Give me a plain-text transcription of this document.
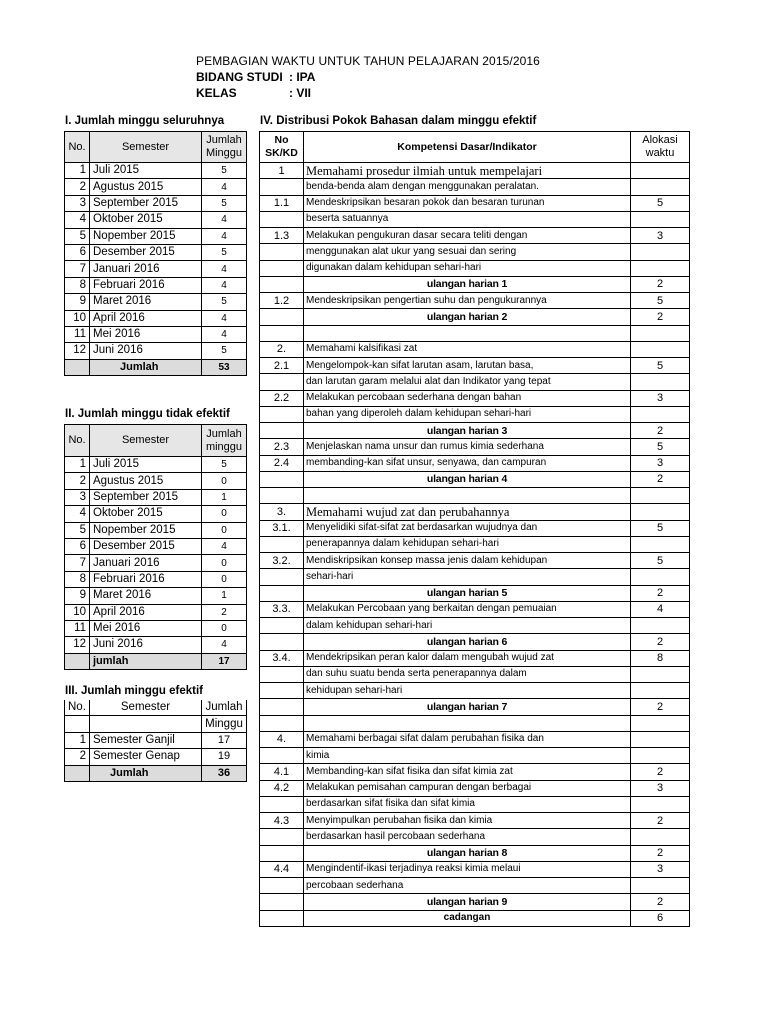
PEMBAGIAN WAKTU UNTUK TAHUN PELAJARAN 2015/2016
BIDANG STUDI : IPA
KELAS	: VII
I. Jumlah minggu seluruhnya
No.	Semester	Jumlah
Minggu
1	Juli 2015	5
2	Agustus 2015	4
3	September 2015	5
4	Oktober 2015	4
5	Nopember 2015	4
6	Desember 2015	5
7	Januari 2016	4
8	Februari 2016	4
9	Maret 2016	5
10	April 2016	4
11	Mei 2016	4
12	Juni 2016	5
	Jumlah	53
II. Jumlah minggu tidak efektif
No.	Semester	Jumlah
minggu
1	Juli 2015	5
2	Agustus 2015	0
3	September 2015	1
4	Oktober 2015	0
5	Nopember 2015	0
6	Desember 2015	4
7	Januari 2016	0
8	Februari 2016	0
9	Maret 2016	1
10	April 2016	2
11	Mei 2016	0
12	Juni 2016	4
	jumlah	17
III. Jumlah minggu efektif
No.	Semester	Jumlah
		Minggu
1	Semester Ganjil	17
2	Semester Genap	19
	Jumlah	36
IV. Distribusi Pokok Bahasan dalam minggu efektif
No
SK/KD	Kompetensi Dasar/Indikator	Alokasi
waktu
1	Memahami prosedur ilmiah untuk mempelajari	
	benda-benda alam dengan menggunakan peralatan.	
1.1	Mendeskripsikan besaran pokok dan besaran turunan	5
	beserta satuannya	
1.3	Melakukan pengukuran dasar secara teliti dengan	3
	menggunakan alat ukur yang sesuai dan sering	
	digunakan dalam kehidupan sehari-hari	
	ulangan harian 1	2
1.2	Mendeskripsikan pengertian suhu dan pengukurannya	5
	ulangan harian 2	2

2.	Memahami kalsifikasi zat	
2.1	Mengelompok-kan sifat larutan asam, larutan basa,	5
	dan larutan garam melalui alat dan Indikator yang tepat	
2.2	Melakukan percobaan sederhana dengan bahan	3
	bahan yang diperoleh dalam kehidupan sehari-hari	
	ulangan harian 3	2
2.3	Menjelaskan nama unsur dan rumus kimia sederhana	5
2.4	membanding-kan sifat unsur, senyawa, dan campuran	3
	ulangan harian 4	2

3.	Memahami wujud zat dan perubahannya	
3.1.	Menyelidiki sifat-sifat zat berdasarkan wujudnya dan	5
	penerapannya dalam kehidupan sehari-hari	
3.2.	Mendiskripsikan konsep massa jenis dalam kehidupan	5
	sehari-hari	
	ulangan harian 5	2
3.3.	Melakukan Percobaan yang berkaitan dengan pemuaian	4
	dalam kehidupan sehari-hari	
	ulangan harian 6	2
3.4.	Mendekripsikan peran kalor dalam mengubah wujud zat	8
	dan suhu suatu benda serta penerapannya dalam	
	kehidupan sehari-hari	
	ulangan harian 7	2

4.	Memahami berbagai sifat dalam perubahan fisika dan	
	kimia	
4.1	Membanding-kan sifat fisika dan sifat kimia zat	2
4.2	Melakukan pemisahan campuran dengan berbagai	3
	berdasarkan sifat fisika dan sifat kimia	
4.3	Menyimpulkan perubahan fisika dan kimia	2
	berdasarkan hasil percobaan sederhana	
	ulangan harian 8	2
4.4	Mengindentif-ikasi terjadinya reaksi kimia melaui	3
	percobaan sederhana	
	ulangan harian 9	2
	cadangan	6
